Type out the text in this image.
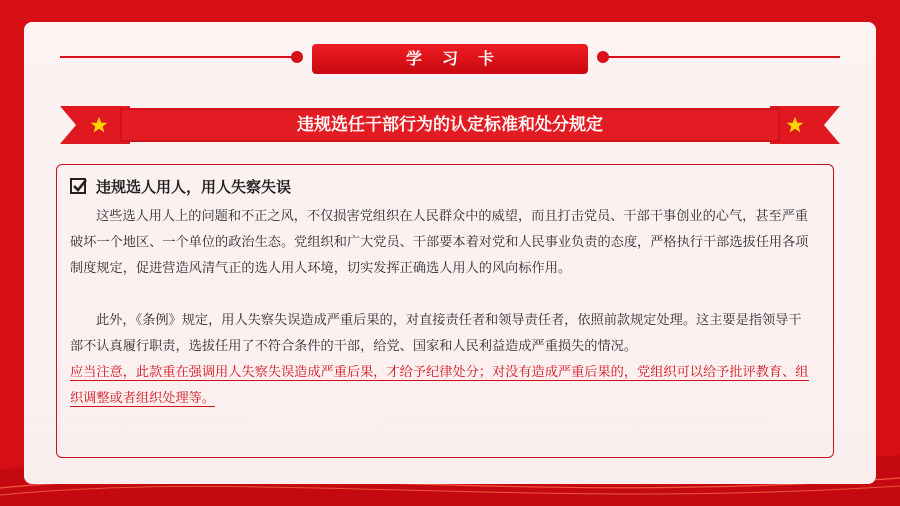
学习卡
违规选任干部行为的认定标准和处分规定
违规选人用人，用人失察失误

这些选人用人上的问题和不正之风，不仅损害党组织在人民群众中的威望，而且打击党员、干部干事创业的心气，甚至严重破坏一个地区、一个单位的政治生态。党组织和广大党员、干部要本着对党和人民事业负责的态度，严格执行干部选拔任用各项制度规定，促进营造风清气正的选人用人环境，切实发挥正确选人用人的风向标作用。

此外，《条例》规定，用人失察失误造成严重后果的，对直接责任者和领导责任者，依照前款规定处理。这主要是指领导干部不认真履行职责，选拔任用了不符合条件的干部，给党、国家和人民利益造成严重损失的情况。

应当注意，此款重在强调用人失察失误造成严重后果，才给予纪律处分；对没有造成严重后果的，党组织可以给予批评教育、组织调整或者组织处理等。
